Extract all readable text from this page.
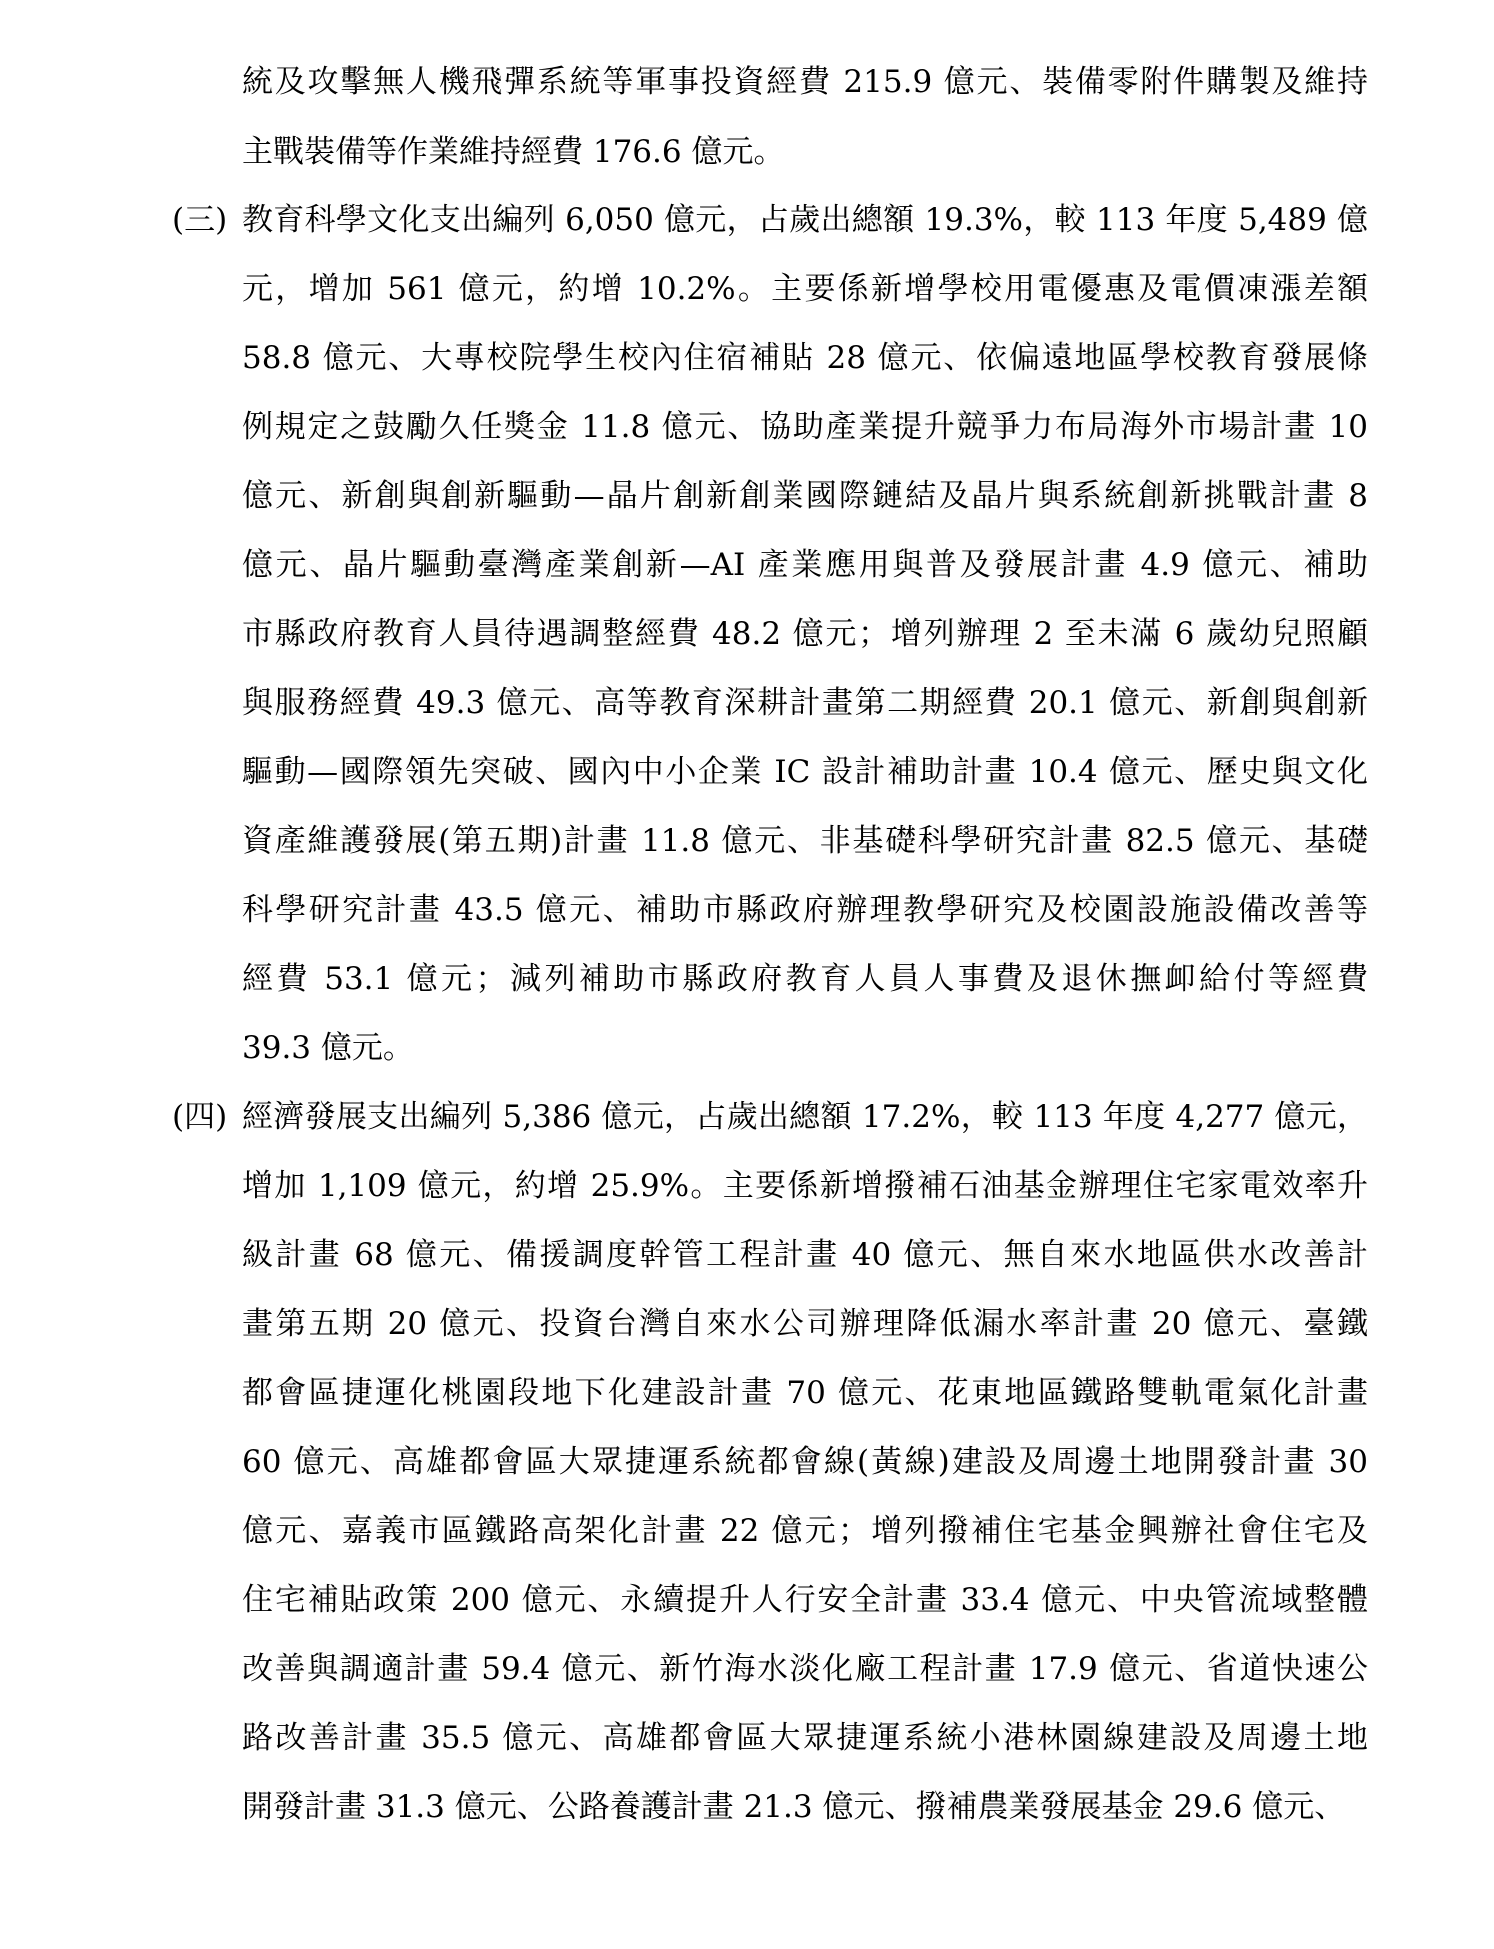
統及攻擊無人機飛彈系統等軍事投資經費 215.9 億元、裝備零附件購製及維持
主戰裝備等作業維持經費 176.6 億元。
(三) 教育科學文化支出編列 6,050 億元，占歲出總額 19.3%，較 113 年度 5,489 億
元，增加 561 億元，約增 10.2%。主要係新增學校用電優惠及電價凍漲差額
58.8 億元、大專校院學生校內住宿補貼 28 億元、依偏遠地區學校教育發展條
例規定之鼓勵久任獎金 11.8 億元、協助產業提升競爭力布局海外市場計畫 10
億元、新創與創新驅動—晶片創新創業國際鏈結及晶片與系統創新挑戰計畫 8
億元、晶片驅動臺灣產業創新—AI 產業應用與普及發展計畫 4.9 億元、補助
市縣政府教育人員待遇調整經費 48.2 億元；增列辦理 2 至未滿 6 歲幼兒照顧
與服務經費 49.3 億元、高等教育深耕計畫第二期經費 20.1 億元、新創與創新
驅動—國際領先突破、國內中小企業 IC 設計補助計畫 10.4 億元、歷史與文化
資產維護發展(第五期)計畫 11.8 億元、非基礎科學研究計畫 82.5 億元、基礎
科學研究計畫 43.5 億元、補助市縣政府辦理教學研究及校園設施設備改善等
經費 53.1 億元；減列補助市縣政府教育人員人事費及退休撫卹給付等經費
39.3 億元。
(四) 經濟發展支出編列 5,386 億元，占歲出總額 17.2%，較 113 年度 4,277 億元，
增加 1,109 億元，約增 25.9%。主要係新增撥補石油基金辦理住宅家電效率升
級計畫 68 億元、備援調度幹管工程計畫 40 億元、無自來水地區供水改善計
畫第五期 20 億元、投資台灣自來水公司辦理降低漏水率計畫 20 億元、臺鐵
都會區捷運化桃園段地下化建設計畫 70 億元、花東地區鐵路雙軌電氣化計畫
60 億元、高雄都會區大眾捷運系統都會線(黃線)建設及周邊土地開發計畫 30
億元、嘉義市區鐵路高架化計畫 22 億元；增列撥補住宅基金興辦社會住宅及
住宅補貼政策 200 億元、永續提升人行安全計畫 33.4 億元、中央管流域整體
改善與調適計畫 59.4 億元、新竹海水淡化廠工程計畫 17.9 億元、省道快速公
路改善計畫 35.5 億元、高雄都會區大眾捷運系統小港林園線建設及周邊土地
開發計畫 31.3 億元、公路養護計畫 21.3 億元、撥補農業發展基金 29.6 億元、
